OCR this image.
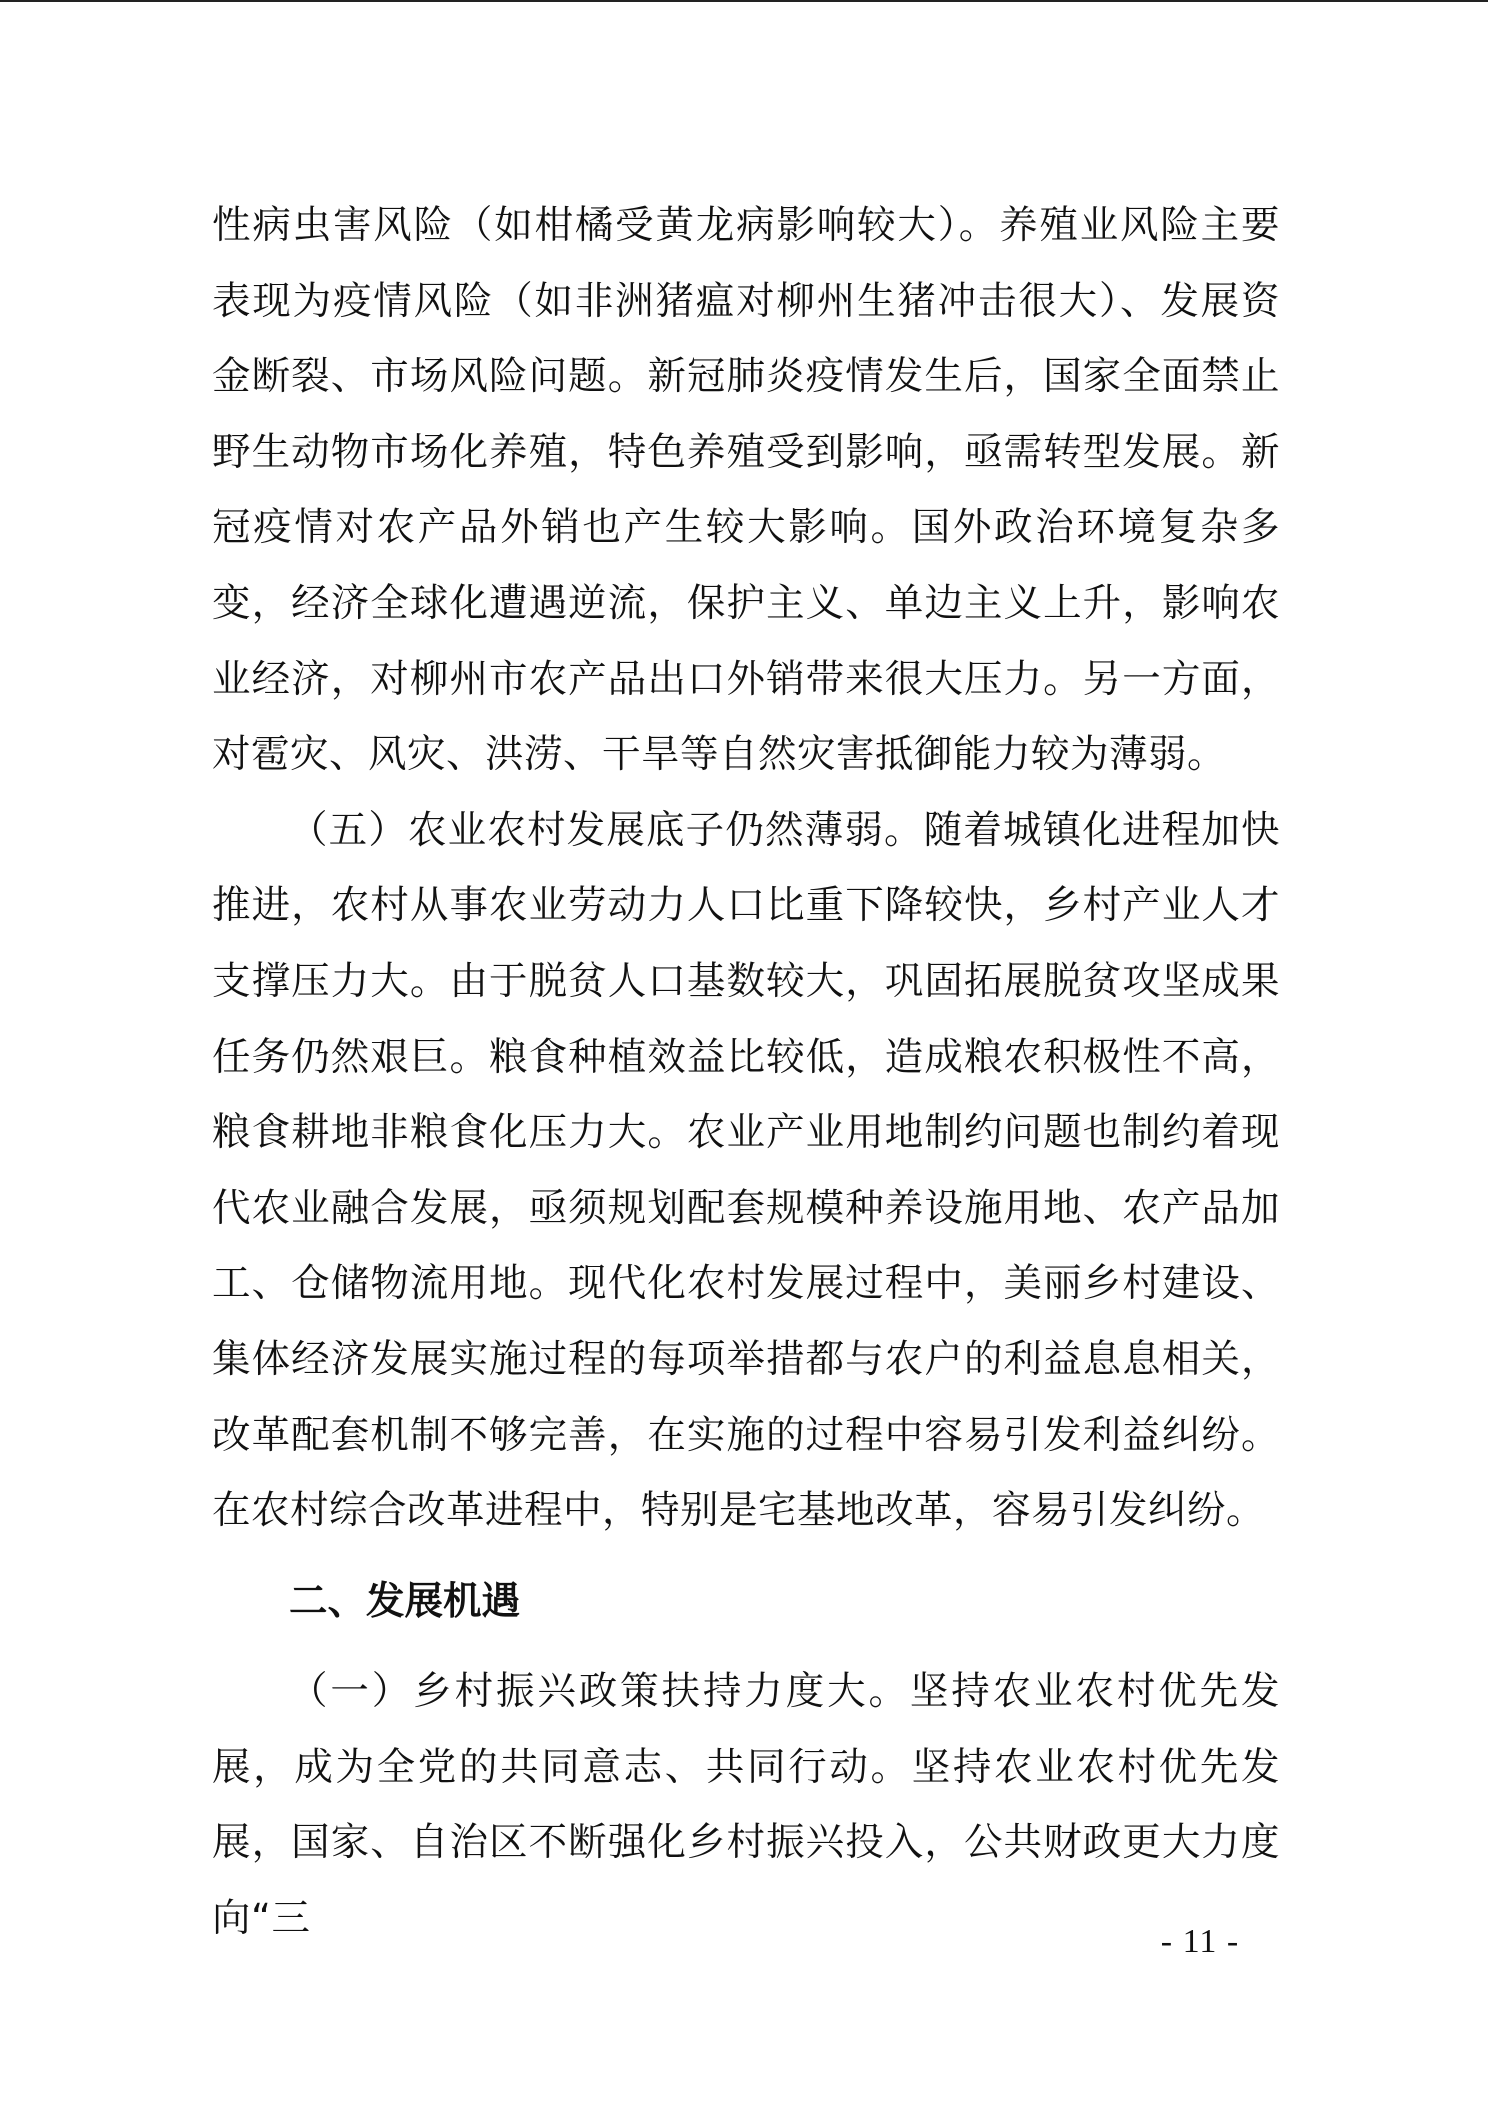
性病虫害风险（如柑橘受黄龙病影响较大）。养殖业风险主要表现为疫情风险（如非洲猪瘟对柳州生猪冲击很大）、发展资金断裂、市场风险问题。新冠肺炎疫情发生后，国家全面禁止野生动物市场化养殖，特色养殖受到影响，亟需转型发展。新冠疫情对农产品外销也产生较大影响。国外政治环境复杂多变，经济全球化遭遇逆流，保护主义、单边主义上升，影响农业经济，对柳州市农产品出口外销带来很大压力。另一方面，对雹灾、风灾、洪涝、干旱等自然灾害抵御能力较为薄弱。

（五）农业农村发展底子仍然薄弱。随着城镇化进程加快推进，农村从事农业劳动力人口比重下降较快，乡村产业人才支撑压力大。由于脱贫人口基数较大，巩固拓展脱贫攻坚成果任务仍然艰巨。粮食种植效益比较低，造成粮农积极性不高，粮食耕地非粮食化压力大。农业产业用地制约问题也制约着现代农业融合发展，亟须规划配套规模种养设施用地、农产品加工、仓储物流用地。现代化农村发展过程中，美丽乡村建设、集体经济发展实施过程的每项举措都与农户的利益息息相关，改革配套机制不够完善，在实施的过程中容易引发利益纠纷。在农村综合改革进程中，特别是宅基地改革，容易引发纠纷。

二、发展机遇

（一）乡村振兴政策扶持力度大。坚持农业农村优先发展，成为全党的共同意志、共同行动。坚持农业农村优先发展，国家、自治区不断强化乡村振兴投入，公共财政更大力度向“三

- 11 -
